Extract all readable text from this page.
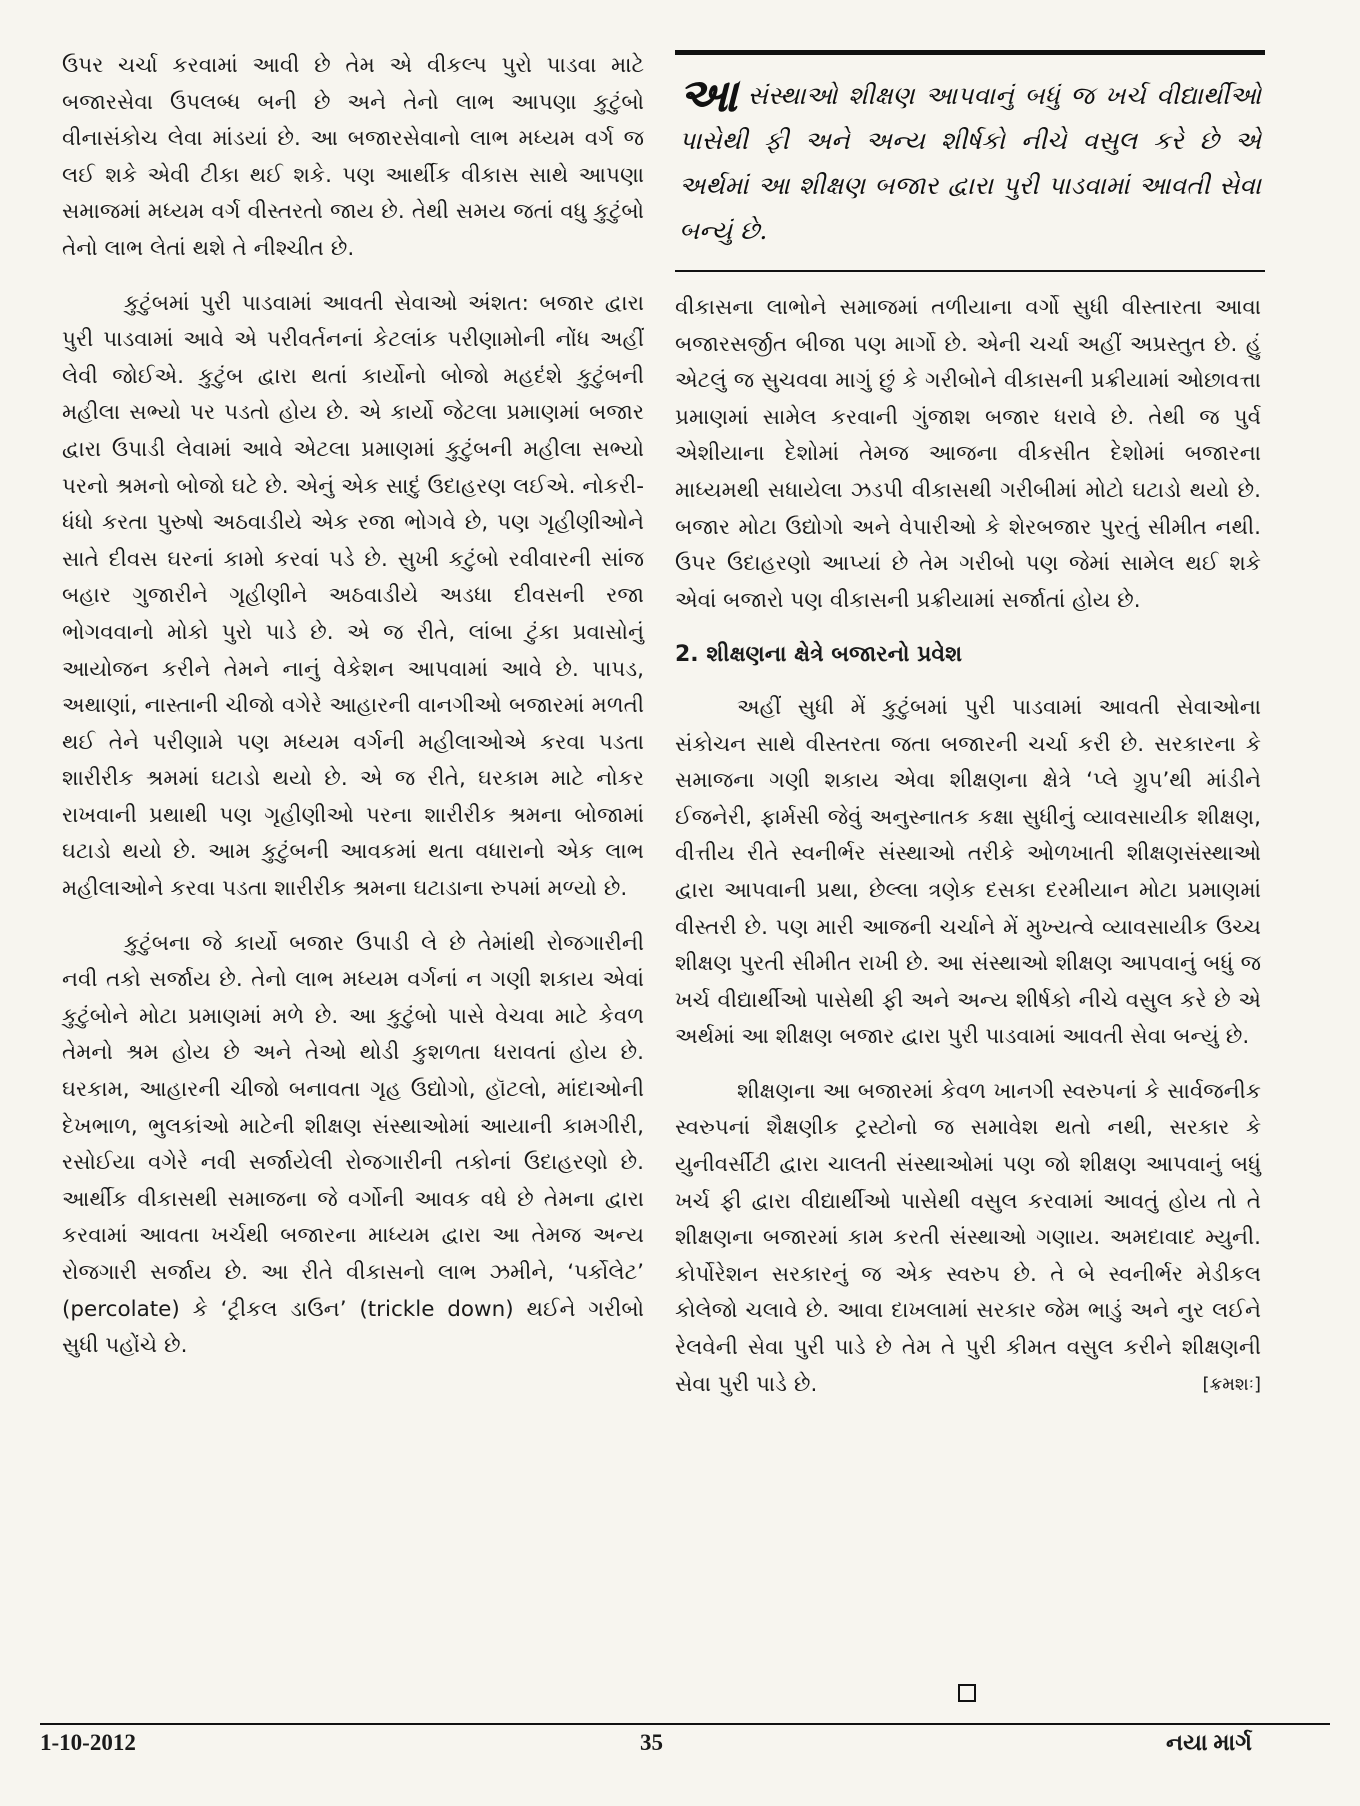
ઉપર ચર્ચા કરવામાં આવી છે તેમ એ વીકલ્પ પુરો પાડવા માટે બજારસેવા ઉપલબ્ધ બની છે અને તેનો લાભ આપણા કુટુંબો વીનાસંકોચ લેવા માંડયાં છે. આ બજારસેવાનો લાભ મધ્યમ વર્ગ જ લઈ શકે એવી ટીકા થઈ શકે. પણ આર્થીક વીકાસ સાથે આપણા સમાજમાં મધ્યમ વર્ગ વીસ્તરતો જાય છે. તેથી સમય જતાં વધુ કુટુંબો તેનો લાભ લેતાં થશે તે નીશ્ચીત છે.

કુટુંબમાં પુરી પાડવામાં આવતી સેવાઓ અંશત: બજાર દ્વારા પુરી પાડવામાં આવે એ પરીવર્તનનાં કેટલાંક પરીણામોની નોંધ અહીં લેવી જોઈએ. કુટુંબ દ્વારા થતાં કાર્યોનો બોજો મહદંશે કુટુંબની મહીલા સભ્યો પર પડતો હોય છે. એ કાર્યો જેટલા પ્રમાણમાં બજાર દ્વારા ઉપાડી લેવામાં આવે એટલા પ્રમાણમાં કુટુંબની મહીલા સભ્યો પરનો શ્રમનો બોજો ઘટે છે. એનું એક સાદું ઉદાહરણ લઈએ. નોકરી-ધંધો કરતા પુરુષો અઠવાડીયે એક રજા ભોગવે છે, પણ ગૃહીણીઓને સાતે દીવસ ઘરનાં કામો કરવાં પડે છે. સુખી કટુંબો રવીવારની સાંજ બહાર ગુજારીને ગૃહીણીને અઠવાડીયે અડધા દીવસની રજા ભોગવવાનો મોકો પુરો પાડે છે. એ જ રીતે, લાંબા ટુંકા પ્રવાસોનું આયોજન કરીને તેમને નાનું વેકેશન આપવામાં આવે છે. પાપડ, અથાણાં, નાસ્તાની ચીજો વગેરે આહારની વાનગીઓ બજારમાં મળતી થઈ તેને પરીણામે પણ મધ્યમ વર્ગની મહીલાઓએ કરવા પડતા શારીરીક શ્રમમાં ઘટાડો થયો છે. એ જ રીતે, ઘરકામ માટે નોકર રાખવાની પ્રથાથી પણ ગૃહીણીઓ પરના શારીરીક શ્રમના બોજામાં ઘટાડો થયો છે. આમ કુટુંબની આવકમાં થતા વધારાનો એક લાભ મહીલાઓને કરવા પડતા શારીરીક શ્રમના ઘટાડાના રુપમાં મળ્યો છે.

કુટુંબના જે કાર્યો બજાર ઉપાડી લે છે તેમાંથી રોજગારીની નવી તકો સર્જાય છે. તેનો લાભ મધ્યમ વર્ગનાં ન ગણી શકાય એવાં કુટુંબોને મોટા પ્રમાણમાં મળે છે. આ કુટુંબો પાસે વેચવા માટે કેવળ તેમનો શ્રમ હોય છે અને તેઓ થોડી કુશળતા ધરાવતાં હોય છે. ઘરકામ, આહારની ચીજો બનાવતા ગૃહ ઉદ્યોગો, હૉટલો, માંદાઓની દેખભાળ, ભુલકાંઓ માટેની શીક્ષણ સંસ્થાઓમાં આયાની કામગીરી, રસોઈયા વગેરે નવી સર્જાયેલી રોજગારીની તકોનાં ઉદાહરણો છે. આર્થીક વીકાસથી સમાજના જે વર્ગોની આવક વધે છે તેમના દ્વારા કરવામાં આવતા ખર્ચથી બજારના માધ્યમ દ્વારા આ તેમજ અન્ય રોજગારી સર્જાય છે. આ રીતે વીકાસનો લાભ ઝમીને, ‘પર્કોલેટ’ (percolate) કે ‘ટ્રીકલ ડાઉન’ (trickle down) થઈને ગરીબો સુધી પહોંચે છે.

આ સંસ્થાઓ શીક્ષણ આપવાનું બધું જ ખર્ચ વીદ્યાર્થીઓ પાસેથી ફી અને અન્ય શીર્ષકો નીચે વસુલ કરે છે એ અર્થમાં આ શીક્ષણ બજાર દ્વારા પુરી પાડવામાં આવતી સેવા બન્યું છે.

વીકાસના લાભોને સમાજમાં તળીયાના વર્ગો સુધી વીસ્તારતા આવા બજારસર્જીત બીજા પણ માર્ગો છે. એની ચર્ચા અહીં અપ્રસ્તુત છે. હું એટલું જ સુચવવા માગું છું કે ગરીબોને વીકાસની પ્રક્રીયામાં ઓછાવત્તા પ્રમાણમાં સામેલ કરવાની ગુંજાશ બજાર ધરાવે છે. તેથી જ પુર્વ એશીયાના દેશોમાં તેમજ આજના વીકસીત દેશોમાં બજારના માધ્યમથી સધાયેલા ઝડપી વીકાસથી ગરીબીમાં મોટો ઘટાડો થયો છે. બજાર મોટા ઉદ્યોગો અને વેપારીઓ કે શેરબજાર પુરતું સીમીત નથી. ઉપર ઉદાહરણો આપ્યાં છે તેમ ગરીબો પણ જેમાં સામેલ થઈ શકે એવાં બજારો પણ વીકાસની પ્રક્રીયામાં સર્જાતાં હોય છે.

2. શીક્ષણના ક્ષેત્રે બજારનો પ્રવેશ

અહીં સુધી મેં કુટુંબમાં પુરી પાડવામાં આવતી સેવાઓના સંકોચન સાથે વીસ્તરતા જતા બજારની ચર્ચા કરી છે. સરકારના કે સમાજના ગણી શકાય એવા શીક્ષણના ક્ષેત્રે ‘પ્લે ગ્રુપ’થી માંડીને ઈજનેરી, ફાર્મસી જેવું અનુસ્નાતક કક્ષા સુધીનું વ્યાવસાયીક શીક્ષણ, વીત્તીય રીતે સ્વનીર્ભર સંસ્થાઓ તરીકે ઓળખાતી શીક્ષણસંસ્થાઓ દ્વારા આપવાની પ્રથા, છેલ્લા ત્રણેક દસકા દરમીયાન મોટા પ્રમાણમાં વીસ્તરી છે. પણ મારી આજની ચર્ચાને મેં મુખ્યત્વે વ્યાવસાયીક ઉચ્ચ શીક્ષણ પુરતી સીમીત રાખી છે. આ સંસ્થાઓ શીક્ષણ આપવાનું બધું જ ખર્ચ વીદ્યાર્થીઓ પાસેથી ફી અને અન્ય શીર્ષકો નીચે વસુલ કરે છે એ અર્થમાં આ શીક્ષણ બજાર દ્વારા પુરી પાડવામાં આવતી સેવા બન્યું છે.

શીક્ષણના આ બજારમાં કેવળ ખાનગી સ્વરુપનાં કે સાર્વજનીક સ્વરુપનાં શૈક્ષણીક ટ્રસ્ટોનો જ સમાવેશ થતો નથી, સરકાર કે યુનીવર્સીટી દ્વારા ચાલતી સંસ્થાઓમાં પણ જો શીક્ષણ આપવાનું બધું ખર્ચ ફી દ્વારા વીદ્યાર્થીઓ પાસેથી વસુલ કરવામાં આવતું હોય તો તે શીક્ષણના બજારમાં કામ કરતી સંસ્થાઓ ગણાય. અમદાવાદ મ્યુની. કોર્પોરેશન સરકારનું જ એક સ્વરુપ છે. તે બે સ્વનીર્ભર મેડીકલ કોલેજો ચલાવે છે. આવા દાખલામાં સરકાર જેમ ભાડું અને નુર લઈને રેલવેની સેવા પુરી પાડે છે તેમ તે પુરી કીમત વસુલ કરીને શીક્ષણની સેવા પુરી પાડે છે.	[ક્રમશઃ]

1-10-2012	35	નયા માર્ગ
